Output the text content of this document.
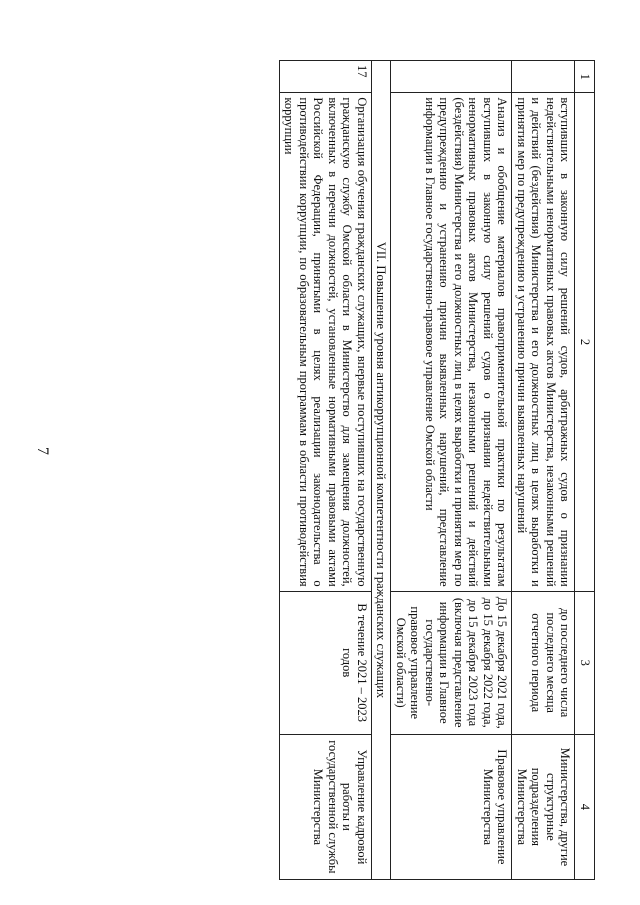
7
1	2	3	4
	вступивших в законную силу решений судов, арбитражных судов о признании недействительными ненормативных правовых актов Министерства, незаконными решений и действий (бездействия) Министерства и его должностных лиц в целях выработки и принятия мер по предупреждению и устранению причин выявленных нарушений	до последнего числа последнего месяца отчетного периода	Министерства, другие структурные подразделения Министерства
	Анализ и обобщение материалов правоприменительной практики по результатам вступивших в законную силу решений судов о признании недействительными ненормативных правовых актов Министерства, незаконными решений и действий (бездействия) Министерства и его должностных лиц в целях выработки и принятия мер по предупреждению и устранению причин выявленных нарушений, представление информации в Главное государственно-правовое управление Омской области	До 15 декабря 2021 года, до 15 декабря 2022 года, до 15 декабря 2023 года (включая представление информации в Главное государственно-правовое управление Омской области)	Правовое управление Министерства
VII. Повышение уровня антикоррупционной компетентности гражданских служащих			
17	Организация обучения гражданских служащих, впервые поступивших на государственную гражданскую службу Омской области в Министерство для замещения должностей, включенных в перечни должностей, установленные нормативными правовыми актами Российской Федерации, принятыми в целях реализации законодательства о противодействии коррупции, по образовательным программам в области противодействия коррупции	В течение 2021 – 2023 годов	Управление кадровой работы и государственной службы Министерства
